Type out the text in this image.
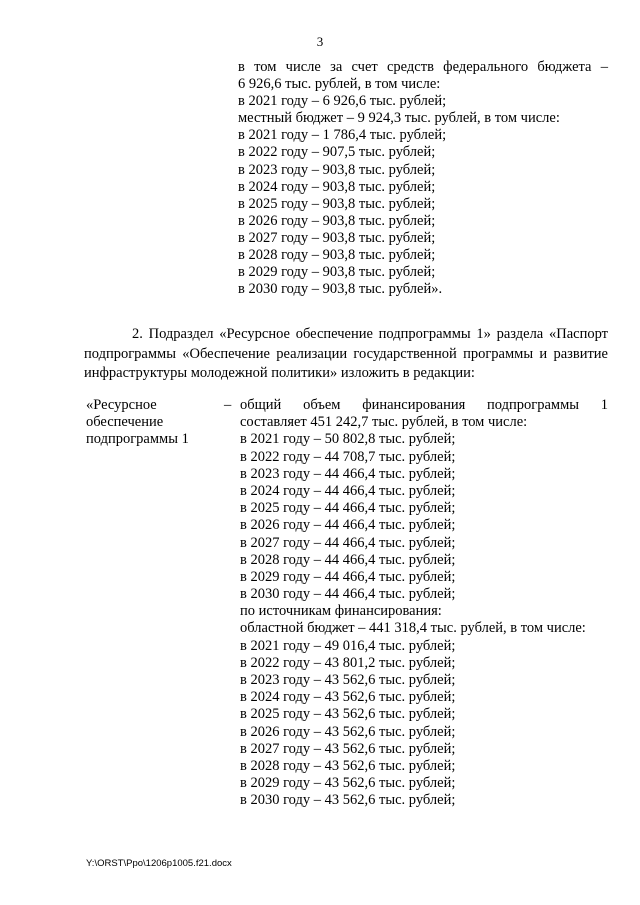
3
в том числе за счет средств федерального бюджета –
6 926,6 тыс. рублей, в том числе:
в 2021 году – 6 926,6 тыс. рублей;
местный бюджет – 9 924,3 тыс. рублей, в том числе:
в 2021 году – 1 786,4 тыс. рублей;
в 2022 году – 907,5 тыс. рублей;
в 2023 году – 903,8 тыс. рублей;
в 2024 году – 903,8 тыс. рублей;
в 2025 году – 903,8 тыс. рублей;
в 2026 году – 903,8 тыс. рублей;
в 2027 году – 903,8 тыс. рублей;
в 2028 году – 903,8 тыс. рублей;
в 2029 году – 903,8 тыс. рублей;
в 2030 году – 903,8 тыс. рублей».
2. Подраздел «Ресурсное обеспечение подпрограммы 1» раздела «Паспорт
подпрограммы «Обеспечение реализации государственной программы и развитие
инфраструктуры молодежной политики» изложить в редакции:
«Ресурсное
обеспечение
подпрограммы 1
– общий объем финансирования подпрограммы 1
составляет 451 242,7 тыс. рублей, в том числе:
в 2021 году – 50 802,8 тыс. рублей;
в 2022 году – 44 708,7 тыс. рублей;
в 2023 году – 44 466,4 тыс. рублей;
в 2024 году – 44 466,4 тыс. рублей;
в 2025 году – 44 466,4 тыс. рублей;
в 2026 году – 44 466,4 тыс. рублей;
в 2027 году – 44 466,4 тыс. рублей;
в 2028 году – 44 466,4 тыс. рублей;
в 2029 году – 44 466,4 тыс. рублей;
в 2030 году – 44 466,4 тыс. рублей;
по источникам финансирования:
областной бюджет – 441 318,4 тыс. рублей, в том числе:
в 2021 году – 49 016,4 тыс. рублей;
в 2022 году – 43 801,2 тыс. рублей;
в 2023 году – 43 562,6 тыс. рублей;
в 2024 году – 43 562,6 тыс. рублей;
в 2025 году – 43 562,6 тыс. рублей;
в 2026 году – 43 562,6 тыс. рублей;
в 2027 году – 43 562,6 тыс. рублей;
в 2028 году – 43 562,6 тыс. рублей;
в 2029 году – 43 562,6 тыс. рублей;
в 2030 году – 43 562,6 тыс. рублей;
Y:\ORST\Ppo\1206p1005.f21.docx
